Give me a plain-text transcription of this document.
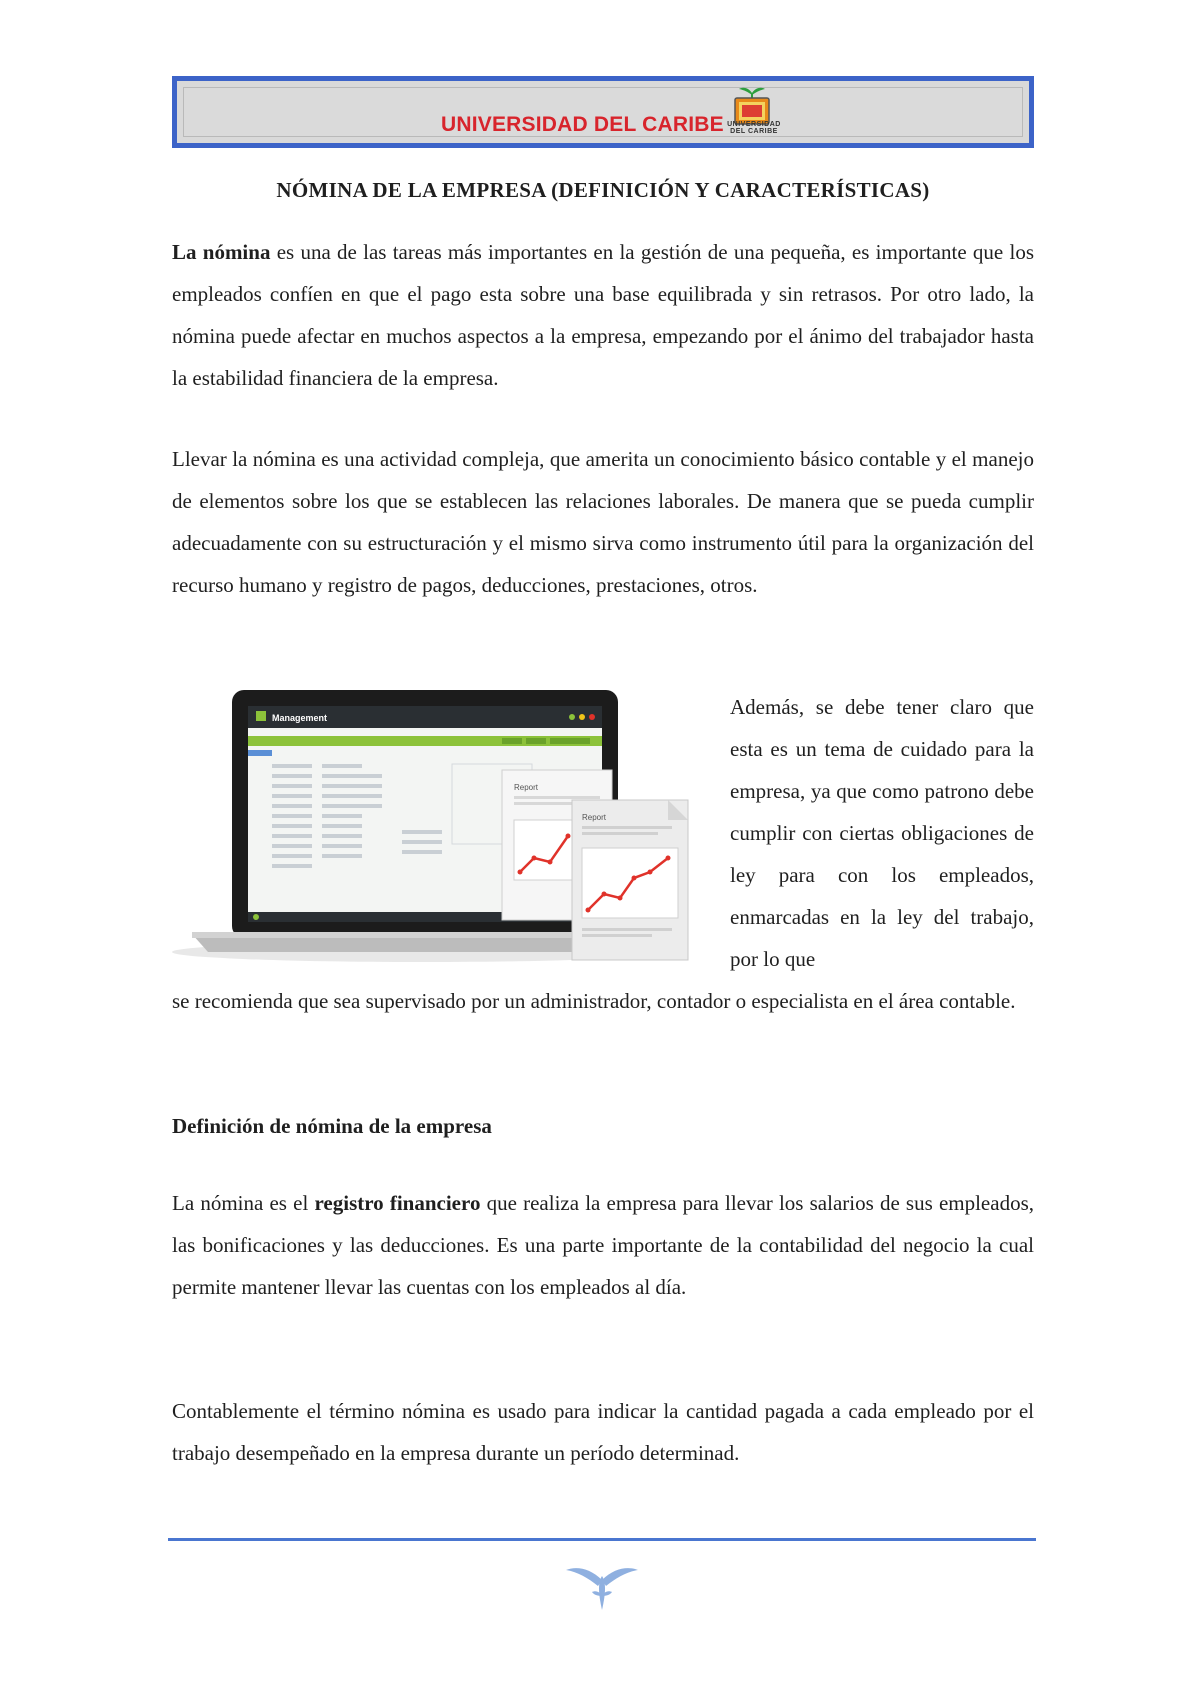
UNIVERSIDAD DEL CARIBE UNIVERSIDAD
DEL CARIBE
NÓMINA DE LA EMPRESA (DEFINICIÓN Y CARACTERÍSTICAS)
La nómina es una de las tareas más importantes en la gestión de una pequeña, es importante que los empleados confíen en que el pago esta sobre una base equilibrada y sin retrasos. Por otro lado, la nómina puede afectar en muchos aspectos a la empresa, empezando por el ánimo del trabajador hasta la estabilidad financiera de la empresa.
Llevar la nómina es una actividad compleja, que amerita un conocimiento básico contable y el manejo de elementos sobre los que se establecen las relaciones laborales. De manera que se pueda cumplir adecuadamente con su estructuración y el mismo sirva como instrumento útil para la organización del recurso humano y registro de pagos, deducciones, prestaciones, otros.
Management
Report
Report
Además, se debe tener claro que esta es un tema de cuidado para la empresa, ya que como patrono debe cumplir con ciertas obligaciones de ley para con los empleados, enmarcadas en la ley del trabajo, por lo que
se recomienda que sea supervisado por un administrador, contador o especialista en el área contable.
Definición de nómina de la empresa
La nómina es el registro financiero que realiza la empresa para llevar los salarios de sus empleados, las bonificaciones y las deducciones. Es una parte importante de la contabilidad del negocio la cual permite mantener llevar las cuentas con los empleados al día.
Contablemente el término nómina es usado para indicar la cantidad pagada a cada empleado por el trabajo desempeñado en la empresa durante un período determinad.
